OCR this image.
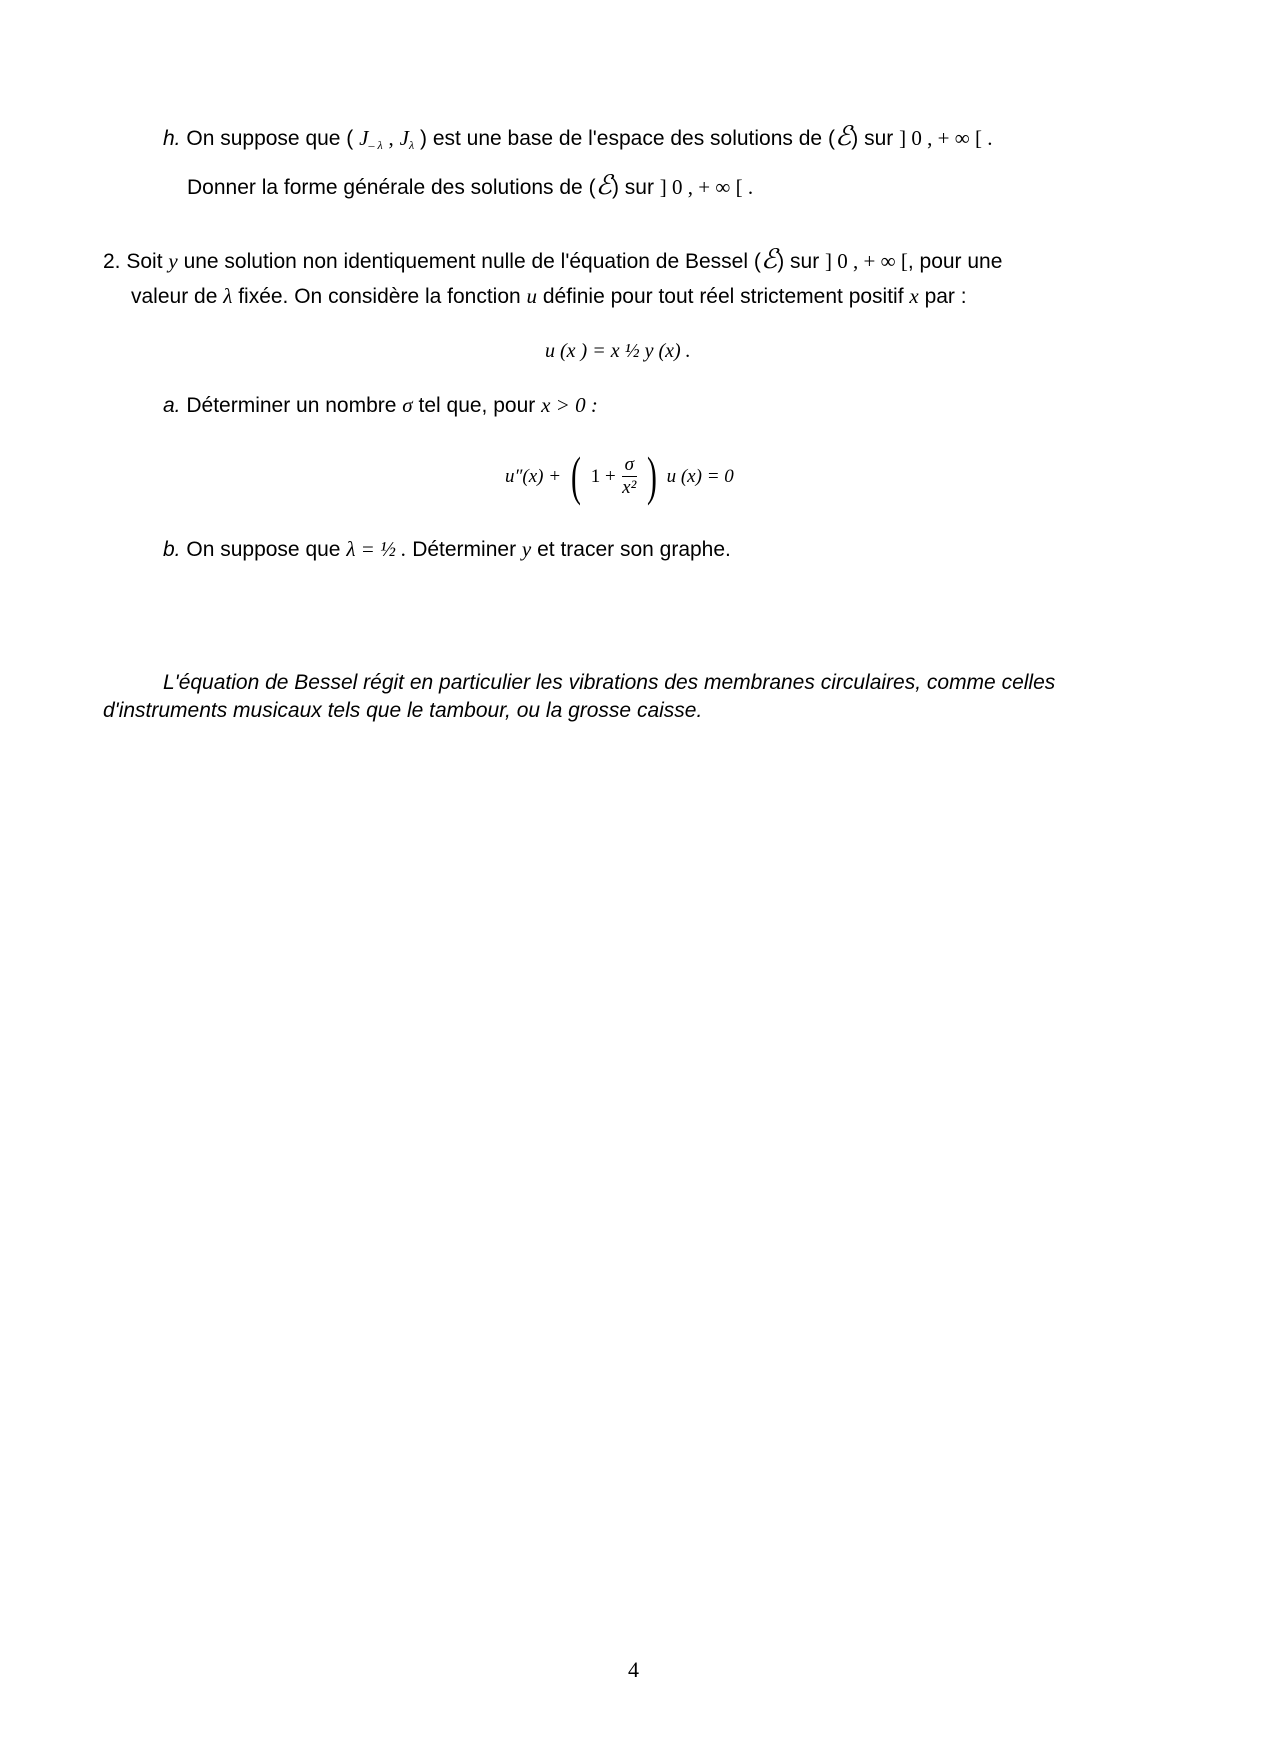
h. On suppose que ( $J_{- \lambda}$ , $J_\lambda$ ) est une base de l'espace des solutions de (ℰ) sur ] 0 , + ∞ [ .
Donner la forme générale des solutions de (ℰ) sur ] 0 , + ∞ [ .
2. Soit y une solution non identiquement nulle de l'équation de Bessel (ℰ) sur ] 0 , + ∞ [, pour une
valeur de λ fixée. On considère la fonction u définie pour tout réel strictement positif x par :
u (x ) = x ½ y (x) .
a. Déterminer un nombre σ tel que, pour x > 0 :
u″(x) + ( $1 + \frac{\sigma}{\text{x²}}$ ) u (x) = 0
b. On suppose que λ = ½ . Déterminer y et tracer son graphe.
L'équation de Bessel régit en particulier les vibrations des membranes circulaires, comme celles
d'instruments musicaux tels que le tambour, ou la grosse caisse.
4
